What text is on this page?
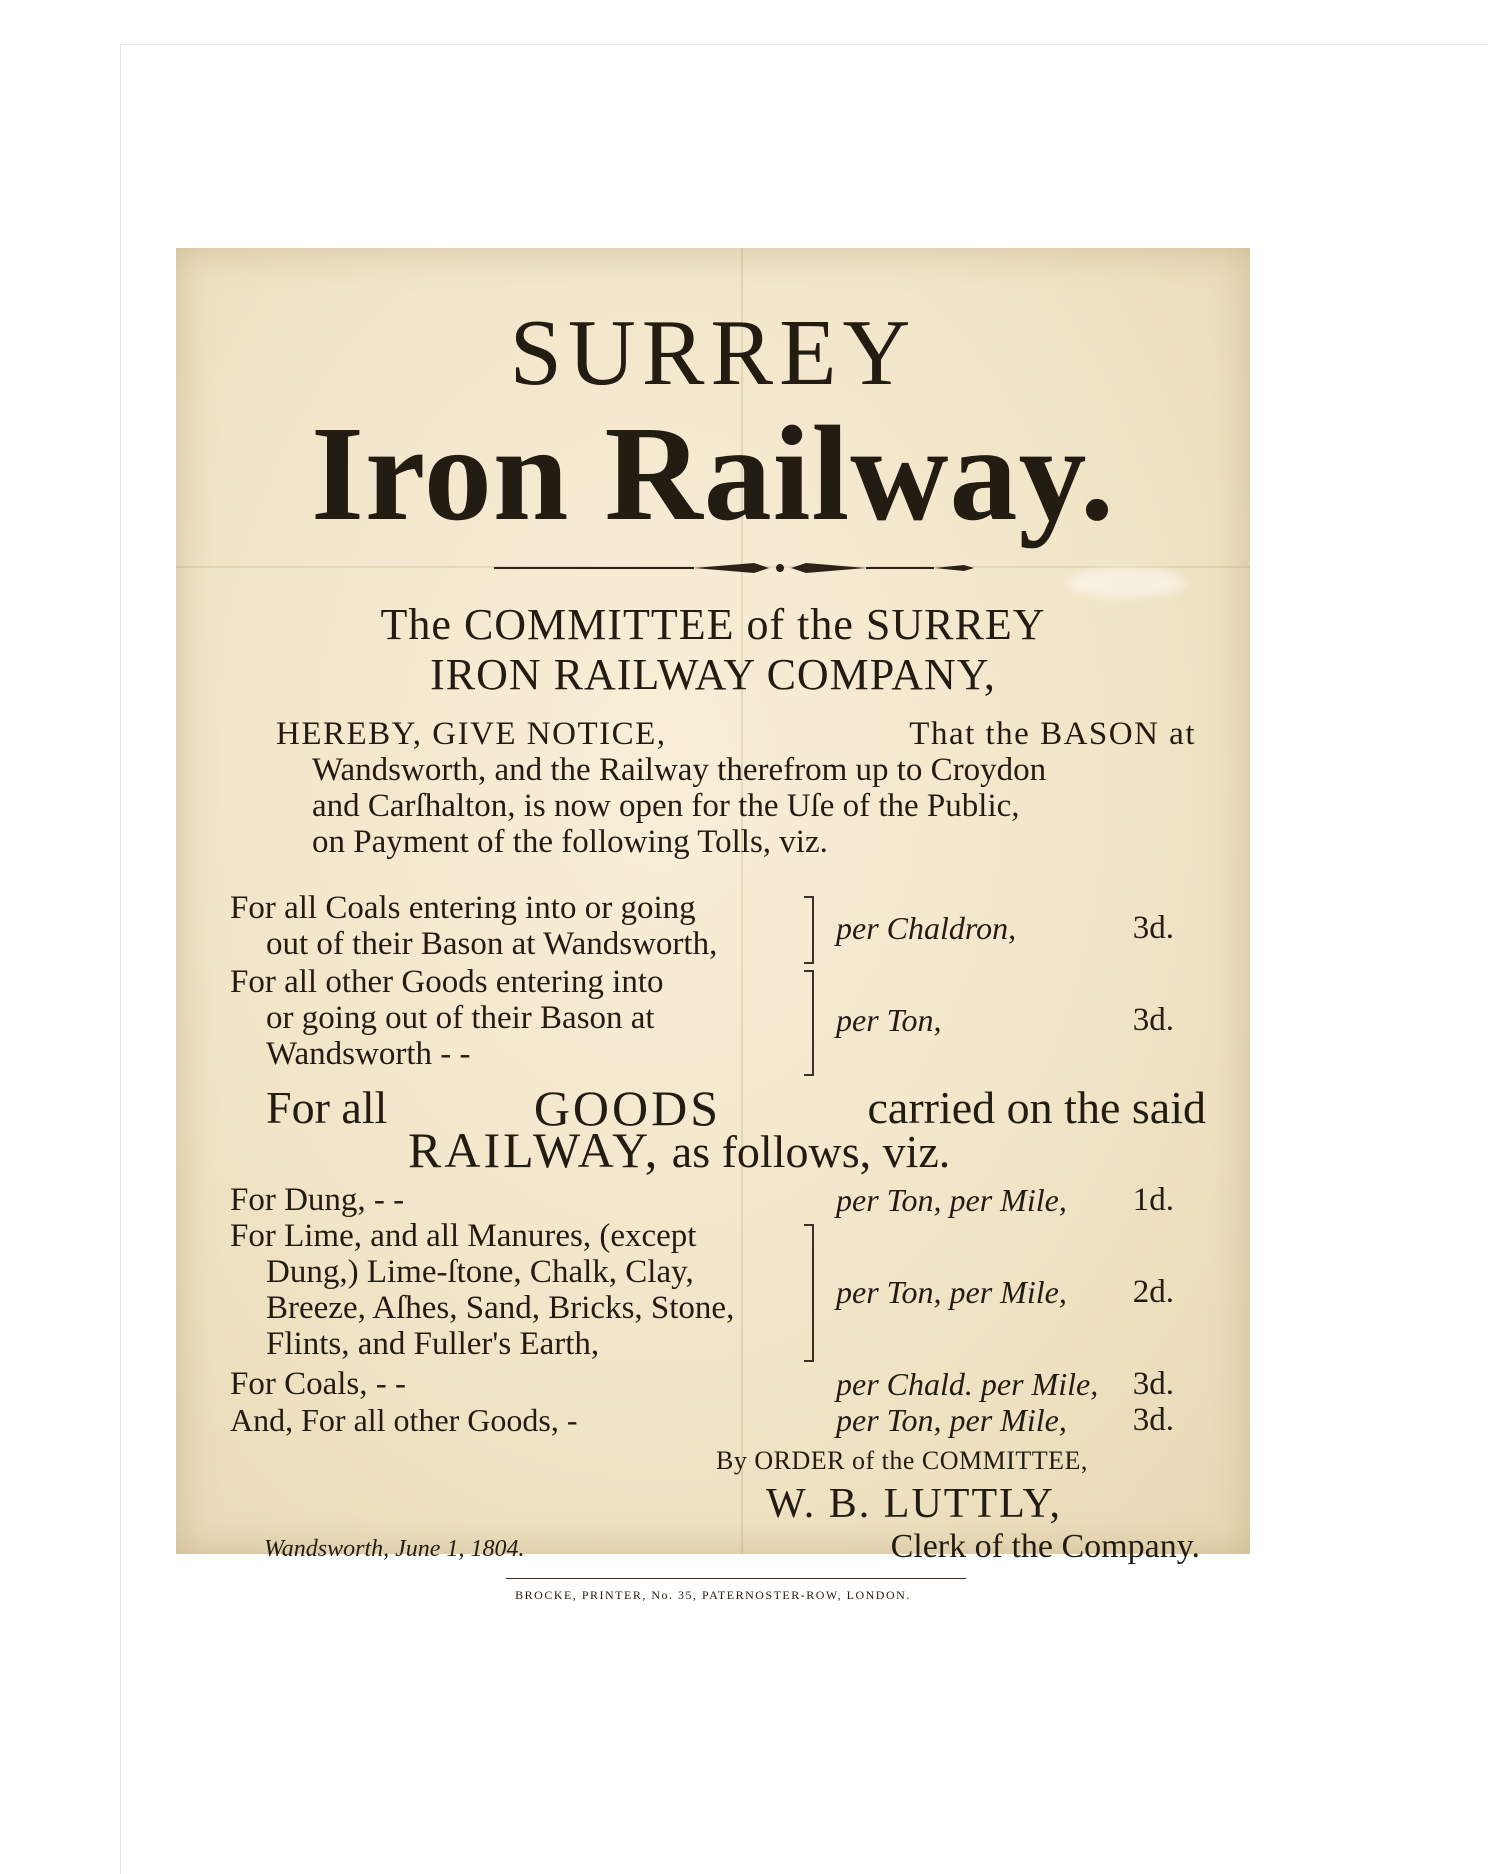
SURREY
Iron Railway.
The COMMITTEE of the SURREY
IRON RAILWAY COMPANY,
HEREBY, GIVE NOTICE,	That the BASON at
Wandsworth, and the Railway therefrom up to Croydon
and Carſhalton, is now open for the Uſe of the Public,
on Payment of the following Tolls, viz.
For all Coals entering into or going
out of their Bason at Wandsworth,	per Chaldron,	3d.
For all other Goods entering into
or going out of their Bason at
Wandsworth - -
per Ton,	3d.
For all	GOODS	carried on the said
RAILWAY, as follows, viz.
For Dung, - -	per Ton, per Mile,	1d.
For Lime, and all Manures, (except
Dung,) Lime-ſtone, Chalk, Clay,
Breeze, Aſhes, Sand, Bricks, Stone,
Flints, and Fuller's Earth,
per Ton, per Mile,	2d.
For Coals, - -	per Chald. per Mile,	3d.
And, For all other Goods, -	per Ton, per Mile,	3d.
By ORDER of the COMMITTEE,
W. B. LUTTLY,
Clerk of the Company.
Wandsworth, June 1, 1804.
BROCKE, PRINTER, No. 35, PATERNOSTER-ROW, LONDON.
